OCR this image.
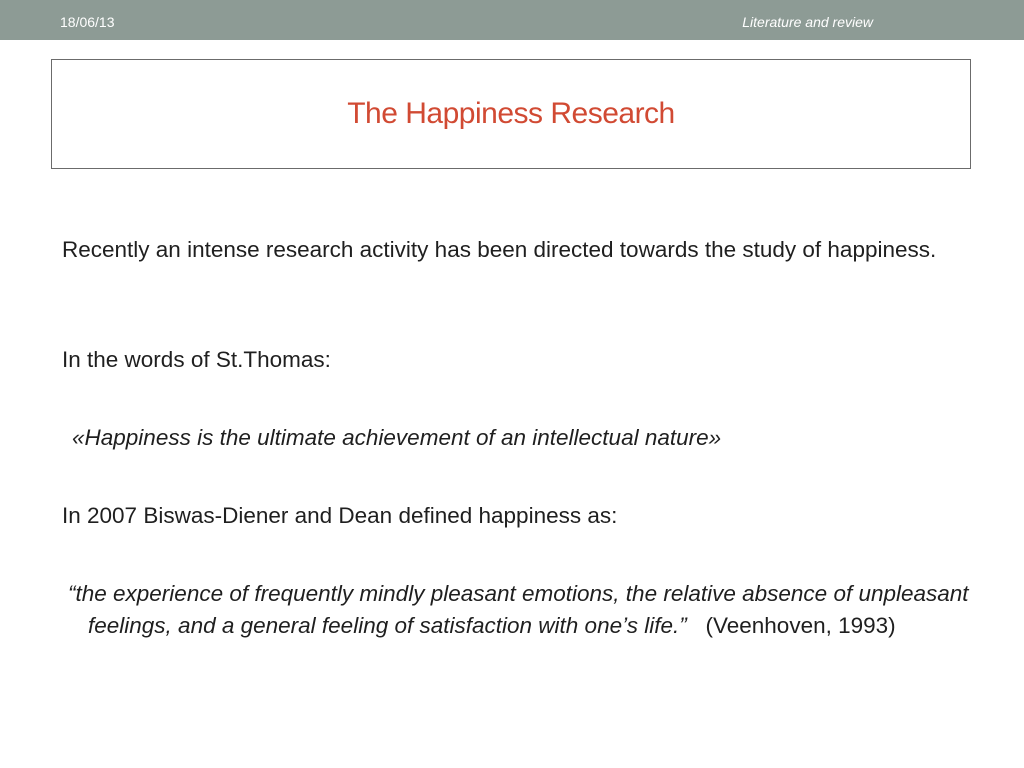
18/06/13	Literature and review
The Happiness Research
Recently an intense research activity has been directed towards the study of happiness.
In the words of St.Thomas:
«Happiness is the ultimate achievement of an intellectual nature»
In 2007 Biswas-Diener and Dean defined happiness as:
“the experience of frequently mindly pleasant emotions, the relative absence of unpleasant feelings, and a general feeling of satisfaction with one’s life.” (Veenhoven, 1993)
